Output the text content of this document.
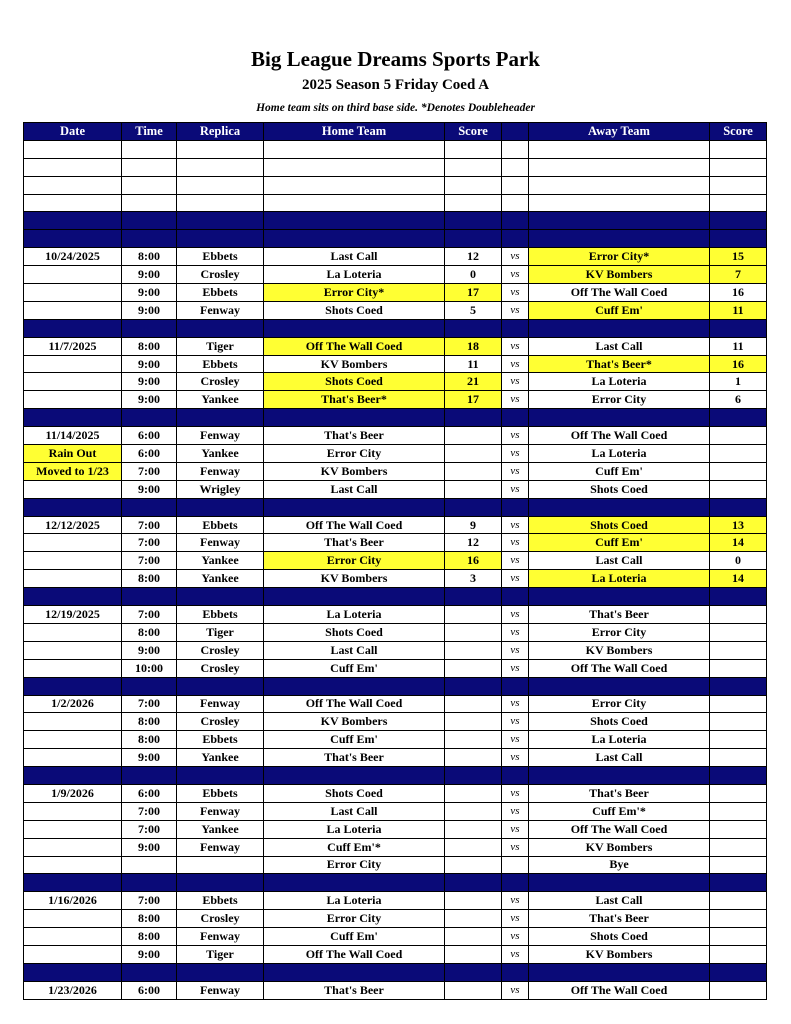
Big League Dreams Sports Park
2025 Season 5 Friday Coed A
Home team sits on third base side. *Denotes Doubleheader
Date	Time	Replica	Home Team	Score		Away Team	Score

10/24/2025	8:00	Ebbets	Last Call	12	vs	Error City*	15
	9:00	Crosley	La Loteria	0	vs	KV Bombers	7
	9:00	Ebbets	Error City*	17	vs	Off The Wall Coed	16
	9:00	Fenway	Shots Coed	5	vs	Cuff Em'	11

11/7/2025	8:00	Tiger	Off The Wall Coed	18	vs	Last Call	11
	9:00	Ebbets	KV Bombers	11	vs	That's Beer*	16
	9:00	Crosley	Shots Coed	21	vs	La Loteria	1
	9:00	Yankee	That's Beer*	17	vs	Error City	6

11/14/2025	6:00	Fenway	That's Beer		vs	Off The Wall Coed	
Rain Out	6:00	Yankee	Error City		vs	La Loteria	
Moved to 1/23	7:00	Fenway	KV Bombers		vs	Cuff Em'	
	9:00	Wrigley	Last Call		vs	Shots Coed	

12/12/2025	7:00	Ebbets	Off The Wall Coed	9	vs	Shots Coed	13
	7:00	Fenway	That's Beer	12	vs	Cuff Em'	14
	7:00	Yankee	Error City	16	vs	Last Call	0
	8:00	Yankee	KV Bombers	3	vs	La Loteria	14

12/19/2025	7:00	Ebbets	La Loteria		vs	That's Beer	
	8:00	Tiger	Shots Coed		vs	Error City	
	9:00	Crosley	Last Call		vs	KV Bombers	
	10:00	Crosley	Cuff Em'		vs	Off The Wall Coed	

1/2/2026	7:00	Fenway	Off The Wall Coed		vs	Error City	
	8:00	Crosley	KV Bombers		vs	Shots Coed	
	8:00	Ebbets	Cuff Em'		vs	La Loteria	
	9:00	Yankee	That's Beer		vs	Last Call	

1/9/2026	6:00	Ebbets	Shots Coed		vs	That's Beer	
	7:00	Fenway	Last Call		vs	Cuff Em'*	
	7:00	Yankee	La Loteria		vs	Off The Wall Coed	
	9:00	Fenway	Cuff Em'*		vs	KV Bombers	
			Error City			Bye	

1/16/2026	7:00	Ebbets	La Loteria		vs	Last Call	
	8:00	Crosley	Error City		vs	That's Beer	
	8:00	Fenway	Cuff Em'		vs	Shots Coed	
	9:00	Tiger	Off The Wall Coed		vs	KV Bombers	

1/23/2026	6:00	Fenway	That's Beer		vs	Off The Wall Coed	
